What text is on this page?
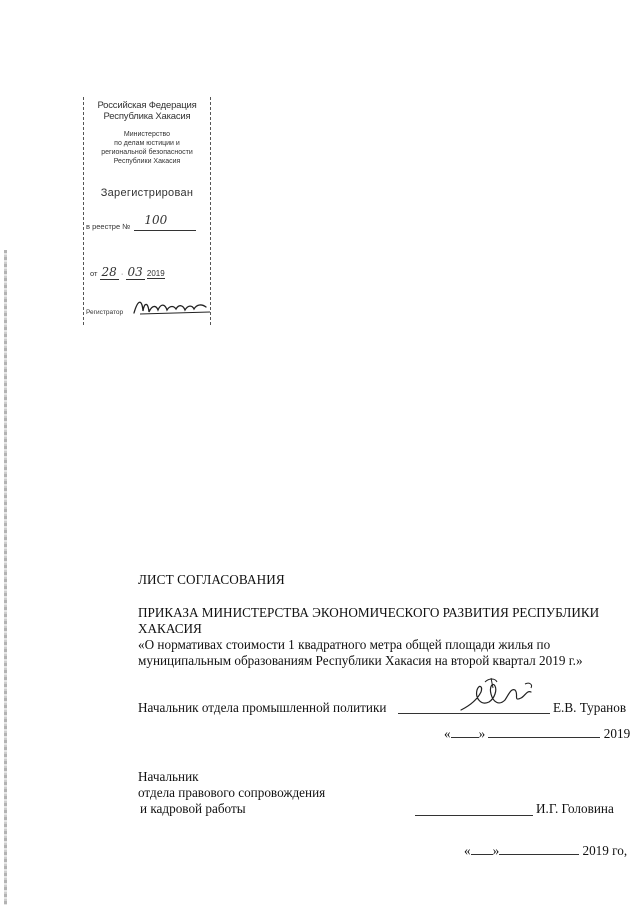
Российская Федерация
Республика Хакасия
Министерство
по делам юстиции и
региональной безопасности
Республики Хакасия
Зарегистрирован
в реестре № 100
от 28 · 03 2019
Регистратор
ЛИСТ СОГЛАСОВАНИЯ
ПРИКАЗА МИНИСТЕРСТВА ЭКОНОМИЧЕСКОГО РАЗВИТИЯ РЕСПУБЛИКИ
ХАКАСИЯ
«О нормативах стоимости 1 квадратного метра общей площади жилья по
муниципальным образованиям Республики Хакасия на второй квартал 2019 г.»
Начальник отдела промышленной политики	Е.В. Туранов
« »	2019
Начальник
отдела правового сопровождения
и кадровой работы	И.Г. Головина
« »	2019 го,
